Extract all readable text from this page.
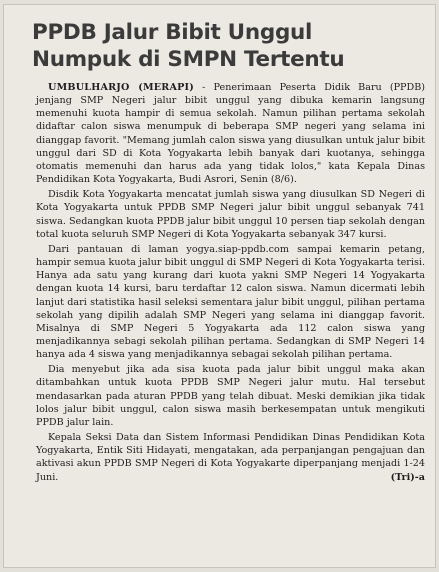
PPDB Jalur Bibit Unggul
Numpuk di SMPN Tertentu

UMBULHARJO (MERAPI) - Penerimaan Peserta Didik Baru (PPDB) jenjang SMP Negeri jalur bibit unggul yang dibuka kemarin langsung memenuhi kuota hampir di semua sekolah. Namun pilihan pertama sekolah didaftar calon siswa menumpuk di beberapa SMP negeri yang selama ini dianggap favorit. "Memang jumlah calon siswa yang diusulkan untuk jalur bibit unggul dari SD di Kota Yogyakarta lebih banyak dari kuotanya, sehingga otomatis memenuhi dan harus ada yang tidak lolos," kata Kepala Dinas Pendidikan Kota Yogyakarta, Budi Asrori, Senin (8/6).

Disdik Kota Yogyakarta mencatat jumlah siswa yang diusulkan SD Negeri di Kota Yogyakarta untuk PPDB SMP Negeri jalur bibit unggul sebanyak 741 siswa. Sedangkan kuota PPDB jalur bibit unggul 10 persen tiap sekolah dengan total kuota seluruh SMP Negeri di Kota Yogyakarta sebanyak 347 kursi.

Dari pantauan di laman yogya.siap-ppdb.com sampai kemarin petang, hampir semua kuota jalur bibit unggul di SMP Negeri di Kota Yogyakarta terisi. Hanya ada satu yang kurang dari kuota yakni SMP Negeri 14 Yogyakarta dengan kuota 14 kursi, baru terdaftar 12 calon siswa. Namun dicermati lebih lanjut dari statistika hasil seleksi sementara jalur bibit unggul, pilihan pertama sekolah yang dipilih adalah SMP Negeri yang selama ini dianggap favorit. Misalnya di SMP Negeri 5 Yogyakarta ada 112 calon siswa yang menjadikannya sebagi sekolah pilihan pertama. Sedangkan di SMP Negeri 14 hanya ada 4 siswa yang menjadikannya sebagai sekolah pilihan pertama.

Dia menyebut jika ada sisa kuota pada jalur bibit unggul maka akan ditambahkan untuk kuota PPDB SMP Negeri jalur mutu. Hal tersebut mendasarkan pada aturan PPDB yang telah dibuat. Meski demikian jika tidak lolos jalur bibit unggul, calon siswa masih berkesempatan untuk mengikuti PPDB jalur lain.

Kepala Seksi Data dan Sistem Informasi Pendidikan Dinas Pendidikan Kota Yogyakarta, Entik Siti Hidayati, mengatakan, ada perpanjangan pengajuan dan aktivasi akun PPDB SMP Negeri di Kota Yogyakarte diperpanjang menjadi 1-24 Juni.	(Tri)-a
